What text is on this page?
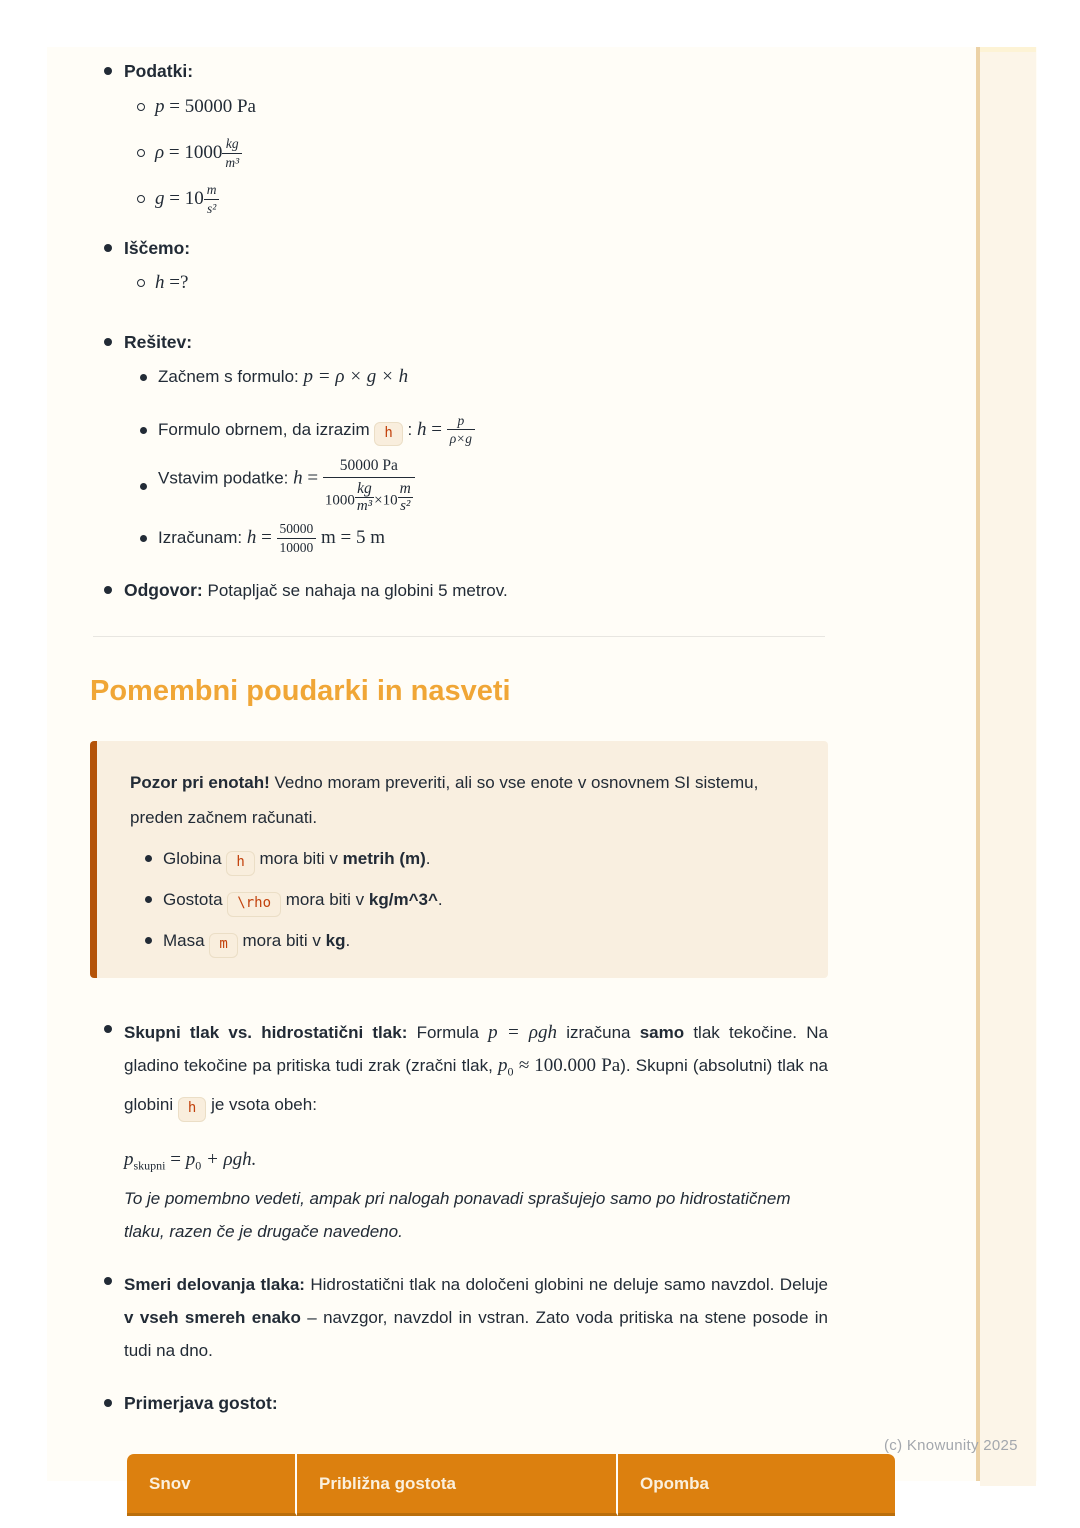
Podatki:
p = 50000 Pa
$\rho = 1000 \frac{kg}{\text{m³}}$
$g = 10 \frac{m}{\text{s²}}$
Iščemo:
h =?
Rešitev:
Začnem s formulo: p = ρ × g × h
Formulo obrnem, da izrazim h : $h = \frac{p}{\rho\times g}$
Vstavim podatke: h =
50000 Pa
$1000 \frac{kg}{\text{m³}} \times 10 \frac{m}{\text{s²}}$
Izračunam: $h = \frac{50000}{10000}$ m = 5 m
Odgovor: Potapljač se nahaja na globini 5 metrov.
Pomembni poudarki in nasveti
Pozor pri enotah! Vedno moram preveriti, ali so vse enote v osnovnem SI sistemu, preden začnem računati.
Globina h mora biti v metrih (m).
Gostota \rho mora biti v kg/m^3^.
Masa m mora biti v kg.

Skupni tlak vs. hidrostatični tlak: Formula p = ρgh izračuna samo tlak tekočine. Na gladino tekočine pa pritiska tudi zrak (zračni tlak, $p_0 \approx 100.000$ Pa). Skupni (absolutni) tlak na globini h je vsota obeh:

$p_{skupni} = p_0 + \rho gh$.

To je pomembno vedeti, ampak pri nalogah ponavadi sprašujejo samo po hidrostatičnem tlaku, razen če je drugače navedeno.

Smeri delovanja tlaka: Hidrostatični tlak na določeni globini ne deluje samo navzdol. Deluje v vseh smereh enako – navzgor, navzdol in vstran. Zato voda pritiska na stene posode in tudi na dno.

Primerjava gostot:
Snov	Približna gostota	Opomba
(c) Knowunity 2025
